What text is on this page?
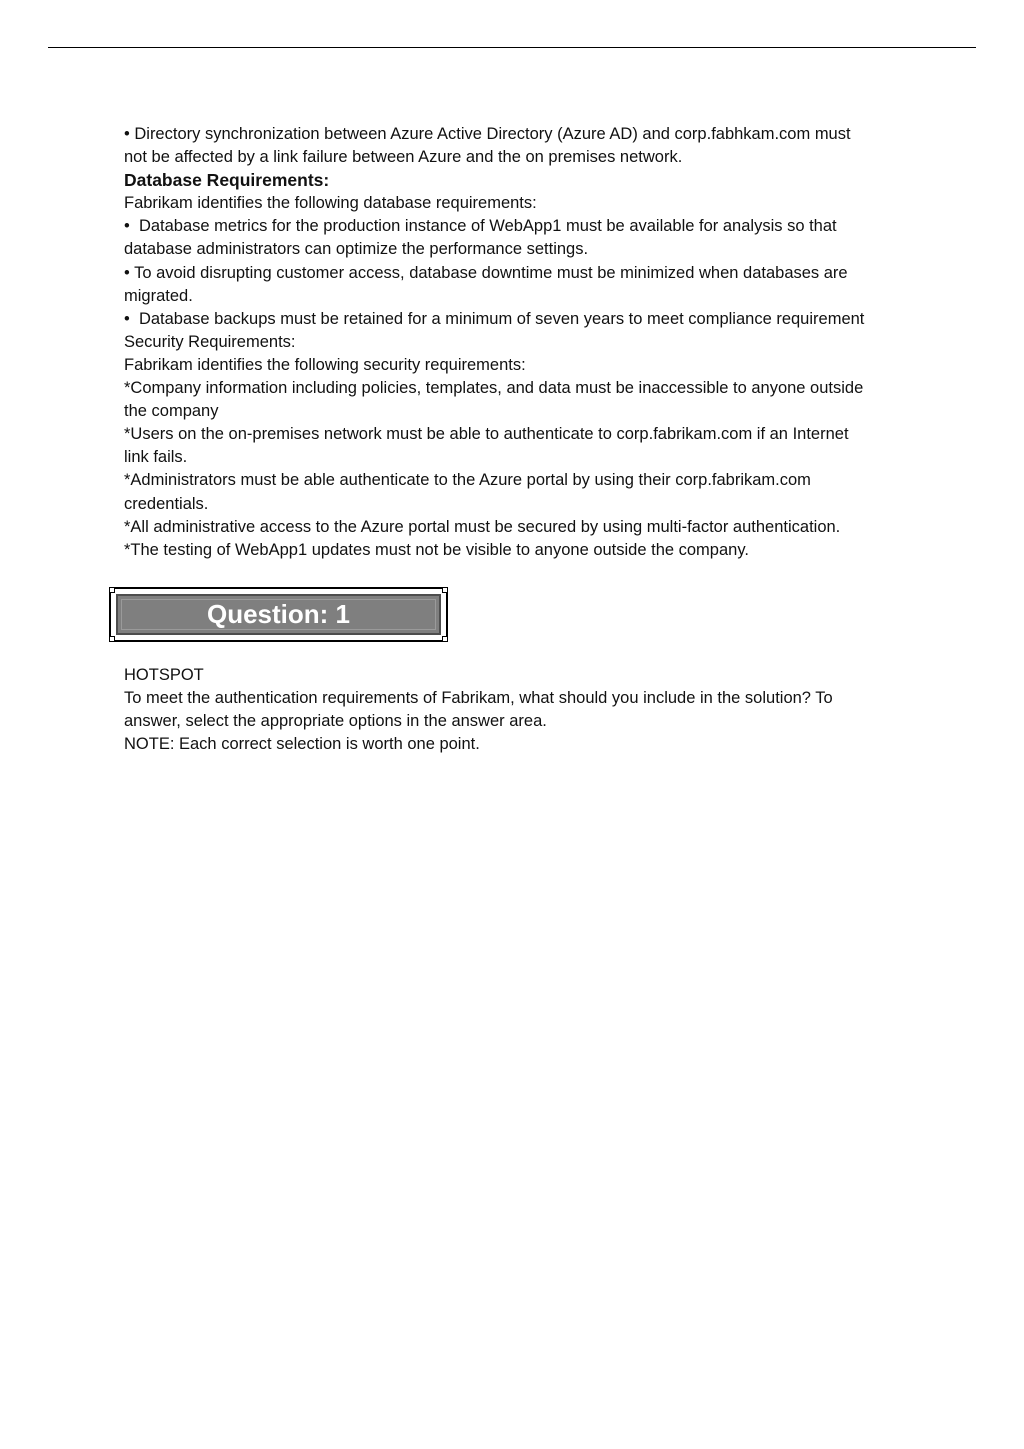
• Directory synchronization between Azure Active Directory (Azure AD) and corp.fabhkam.com must
not be affected by a link failure between Azure and the on premises network.
Database Requirements:
Fabrikam identifies the following database requirements:
•  Database metrics for the production instance of WebApp1 must be available for analysis so that
database administrators can optimize the performance settings.
• To avoid disrupting customer access, database downtime must be minimized when databases are
migrated.
•  Database backups must be retained for a minimum of seven years to meet compliance requirement
Security Requirements:
Fabrikam identifies the following security requirements:
*Company information including policies, templates, and data must be inaccessible to anyone outside
the company
*Users on the on-premises network must be able to authenticate to corp.fabrikam.com if an Internet
link fails.
*Administrators must be able authenticate to the Azure portal by using their corp.fabrikam.com
credentials.
*All administrative access to the Azure portal must be secured by using multi-factor authentication.
*The testing of WebApp1 updates must not be visible to anyone outside the company.
Question: 1
HOTSPOT
To meet the authentication requirements of Fabrikam, what should you include in the solution? To
answer, select the appropriate options in the answer area.
NOTE: Each correct selection is worth one point.
